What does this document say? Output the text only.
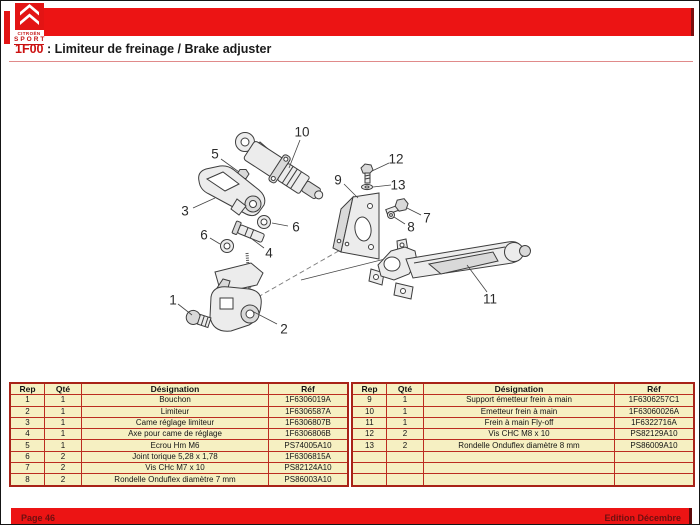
CITROËN
SPORT
1F00 : Limiteur de freinage / Brake adjuster
1
2
3
4
5
6
6
7
8
9
10
11
12
13
Rep	Qté	Désignation	Réf
1	1	Bouchon	1F6306019A
2	1	Limiteur	1F6306587A
3	1	Came réglage limiteur	1F6306807B
4	1	Axe pour came de réglage	1F6306806B
5	1	Ecrou Hm M6	PS74005A10
6	2	Joint torique 5,28 x 1,78	1F6306815A
7	2	Vis CHc M7 x 10	PS82124A10
8	2	Rondelle Onduflex diamètre 7 mm	PS86003A10
Rep	Qté	Désignation	Réf
9	1	Support émetteur frein à main	1F6306257C1
10	1	Emetteur frein à main	1F63060026A
11	1	Frein à main Fly-off	1F6322716A
12	2	Vis CHC M8 x 10	PS82129A10
13	2	Rondelle Onduflex diamètre 8 mm	PS86009A10

Page 46	Edition Décembre
